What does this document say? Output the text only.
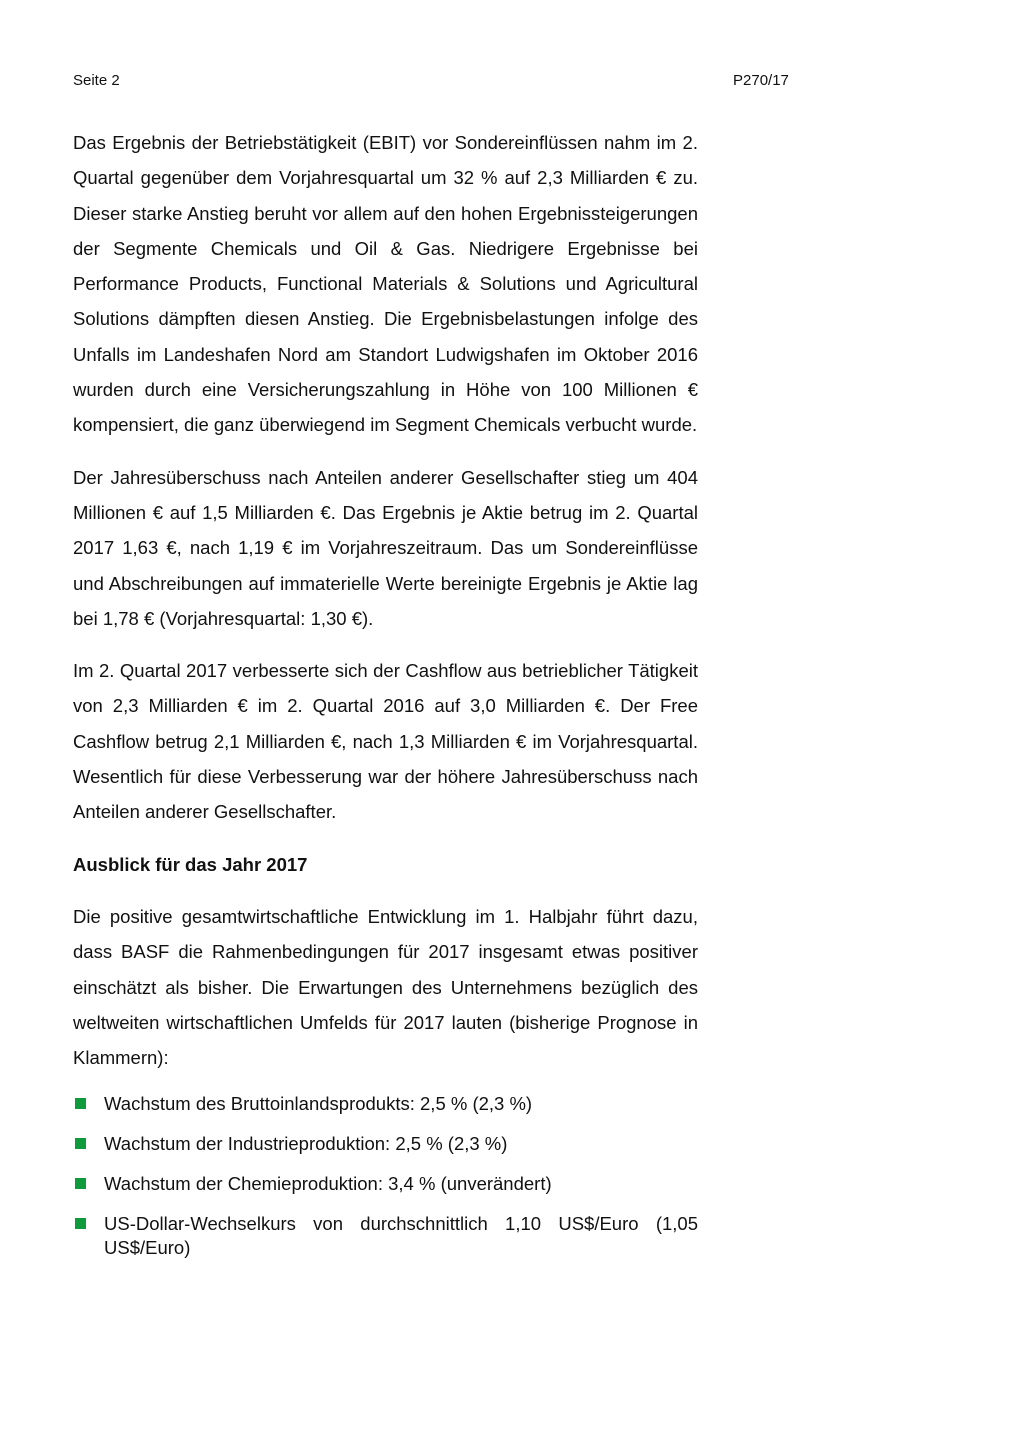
Seite 2	P270/17

Das Ergebnis der Betriebstätigkeit (EBIT) vor Sondereinflüssen nahm im 2. Quartal gegenüber dem Vorjahresquartal um 32 % auf 2,3 Milliarden € zu. Dieser starke Anstieg beruht vor allem auf den hohen Ergebnissteigerungen der Segmente Chemicals und Oil & Gas. Niedrigere Ergebnisse bei Performance Products, Functional Materials & Solutions und Agricultural Solutions dämpften diesen Anstieg. Die Ergebnisbelastungen infolge des Unfalls im Landeshafen Nord am Standort Ludwigshafen im Oktober 2016 wurden durch eine Versicherungszahlung in Höhe von 100 Millionen € kompensiert, die ganz überwiegend im Segment Chemicals verbucht wurde.

Der Jahresüberschuss nach Anteilen anderer Gesellschafter stieg um 404 Millionen € auf 1,5 Milliarden €. Das Ergebnis je Aktie betrug im 2. Quartal 2017 1,63 €, nach 1,19 € im Vorjahreszeitraum. Das um Sondereinflüsse und Abschreibungen auf immaterielle Werte bereinigte Ergebnis je Aktie lag bei 1,78 € (Vorjahresquartal: 1,30 €).

Im 2. Quartal 2017 verbesserte sich der Cashflow aus betrieblicher Tätigkeit von 2,3 Milliarden € im 2. Quartal 2016 auf 3,0 Milliarden €. Der Free Cashflow betrug 2,1 Milliarden €, nach 1,3 Milliarden € im Vorjahresquartal. Wesentlich für diese Verbesserung war der höhere Jahresüberschuss nach Anteilen anderer Gesellschafter.

Ausblick für das Jahr 2017

Die positive gesamtwirtschaftliche Entwicklung im 1. Halbjahr führt dazu, dass BASF die Rahmenbedingungen für 2017 insgesamt etwas positiver einschätzt als bisher. Die Erwartungen des Unternehmens bezüglich des weltweiten wirtschaftlichen Umfelds für 2017 lauten (bisherige Prognose in Klammern):

Wachstum des Bruttoinlandsprodukts: 2,5 % (2,3 %)
Wachstum der Industrieproduktion: 2,5 % (2,3 %)
Wachstum der Chemieproduktion: 3,4 % (unverändert)
US-Dollar-Wechselkurs von durchschnittlich 1,10 US$/Euro (1,05 US$/Euro)
